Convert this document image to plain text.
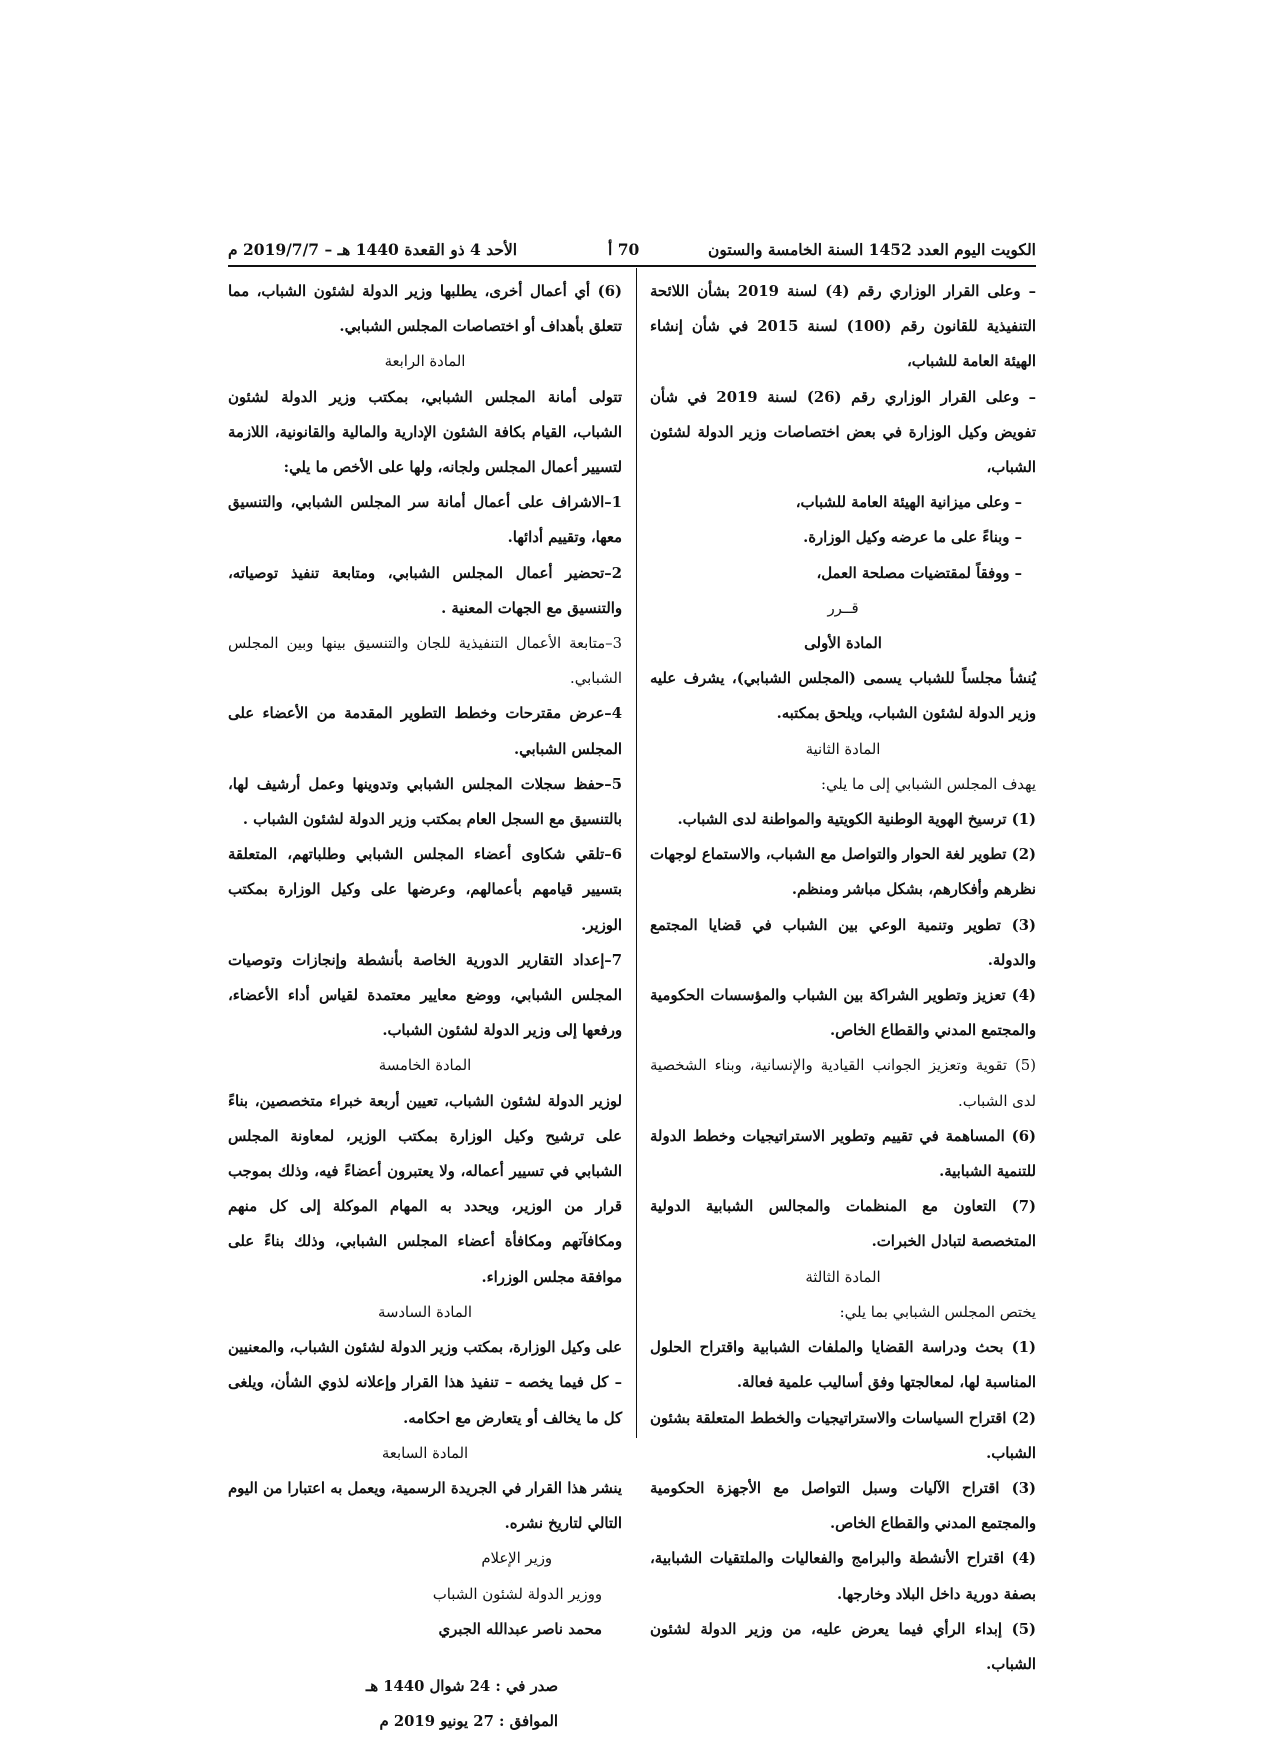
الكويت اليوم العدد 1452 السنة الخامسة والستون
70 أ
الأحد 4 ذو القعدة 1440 هـ – 2019/7/7 م

– وعلى القرار الوزاري رقم (4) لسنة 2019 بشأن اللائحة التنفيذية للقانون رقم (100) لسنة 2015 في شأن إنشاء الهيئة العامة للشباب،

– وعلى القرار الوزاري رقم (26) لسنة 2019 في شأن تفويض وكيل الوزارة في بعض اختصاصات وزير الدولة لشئون الشباب،

– وعلى ميزانية الهيئة العامة للشباب،

– وبناءً على ما عرضه وكيل الوزارة.

– ووفقاً لمقتضيات مصلحة العمل،

قــرر

المادة الأولى

يُنشأ مجلساً للشباب يسمى (المجلس الشبابي)، يشرف عليه وزير الدولة لشئون الشباب، ويلحق بمكتبه.

المادة الثانية

يهدف المجلس الشبابي إلى ما يلي:

(1) ترسيخ الهوية الوطنية الكويتية والمواطنة لدى الشباب.

(2) تطوير لغة الحوار والتواصل مع الشباب، والاستماع لوجهات نظرهم وأفكارهم، بشكل مباشر ومنظم.

(3) تطوير وتنمية الوعي بين الشباب في قضايا المجتمع والدولة.

(4) تعزيز وتطوير الشراكة بين الشباب والمؤسسات الحكومية والمجتمع المدني والقطاع الخاص.

(5) تقوية وتعزيز الجوانب القيادية والإنسانية، وبناء الشخصية لدى الشباب.

(6) المساهمة في تقييم وتطوير الاستراتيجيات وخطط الدولة للتنمية الشبابية.

(7) التعاون مع المنظمات والمجالس الشبابية الدولية المتخصصة لتبادل الخبرات.

المادة الثالثة

يختص المجلس الشبابي بما يلي:

(1) بحث ودراسة القضايا والملفات الشبابية واقتراح الحلول المناسبة لها، لمعالجتها وفق أساليب علمية فعالة.

(2) اقتراح السياسات والاستراتيجيات والخطط المتعلقة بشئون الشباب.

(3) اقتراح الآليات وسبل التواصل مع الأجهزة الحكومية والمجتمع المدني والقطاع الخاص.

(4) اقتراح الأنشطة والبرامج والفعاليات والملتقيات الشبابية، بصفة دورية داخل البلاد وخارجها.

(5) إبداء الرأي فيما يعرض عليه، من وزير الدولة لشئون الشباب.

(6) أي أعمال أخرى، يطلبها وزير الدولة لشئون الشباب، مما تتعلق بأهداف أو اختصاصات المجلس الشبابي.

المادة الرابعة

تتولى أمانة المجلس الشبابي، بمكتب وزير الدولة لشئون الشباب، القيام بكافة الشئون الإدارية والمالية والقانونية، اللازمة لتسيير أعمال المجلس ولجانه، ولها على الأخص ما يلي:

1–الاشراف على أعمال أمانة سر المجلس الشبابي، والتنسيق معها، وتقييم أدائها.

2–تحضير أعمال المجلس الشبابي، ومتابعة تنفيذ توصياته، والتنسيق مع الجهات المعنية .

3–متابعة الأعمال التنفيذية للجان والتنسيق بينها وبين المجلس الشبابي.

4–عرض مقترحات وخطط التطوير المقدمة من الأعضاء على المجلس الشبابي.

5–حفظ سجلات المجلس الشبابي وتدوينها وعمل أرشيف لها، بالتنسيق مع السجل العام بمكتب وزير الدولة لشئون الشباب .

6–تلقي شكاوى أعضاء المجلس الشبابي وطلباتهم، المتعلقة بتسيير قيامهم بأعمالهم، وعرضها على وكيل الوزارة بمكتب الوزير.

7–إعداد التقارير الدورية الخاصة بأنشطة وإنجازات وتوصيات المجلس الشبابي، ووضع معايير معتمدة لقياس أداء الأعضاء، ورفعها إلى وزير الدولة لشئون الشباب.

المادة الخامسة

لوزير الدولة لشئون الشباب، تعيين أربعة خبراء متخصصين، بناءً على ترشيح وكيل الوزارة بمكتب الوزير، لمعاونة المجلس الشبابي في تسيير أعماله، ولا يعتبرون أعضاءً فيه، وذلك بموجب قرار من الوزير، ويحدد به المهام الموكلة إلى كل منهم ومكافآتهم ومكافأة أعضاء المجلس الشبابي، وذلك بناءً على موافقة مجلس الوزراء.

المادة السادسة

على وكيل الوزارة، بمكتب وزير الدولة لشئون الشباب، والمعنيين – كل فيما يخصه – تنفيذ هذا القرار وإعلانه لذوي الشأن، ويلغى كل ما يخالف أو يتعارض مع احكامه.

المادة السابعة

ينشر هذا القرار في الجريدة الرسمية، ويعمل به اعتبارا من اليوم التالي لتاريخ نشره.

وزير الإعلام

ووزير الدولة لشئون الشباب

محمد ناصر عبدالله الجبري

صدر في : 24 شوال 1440 هـ

الموافق : 27 يونيو 2019 م
